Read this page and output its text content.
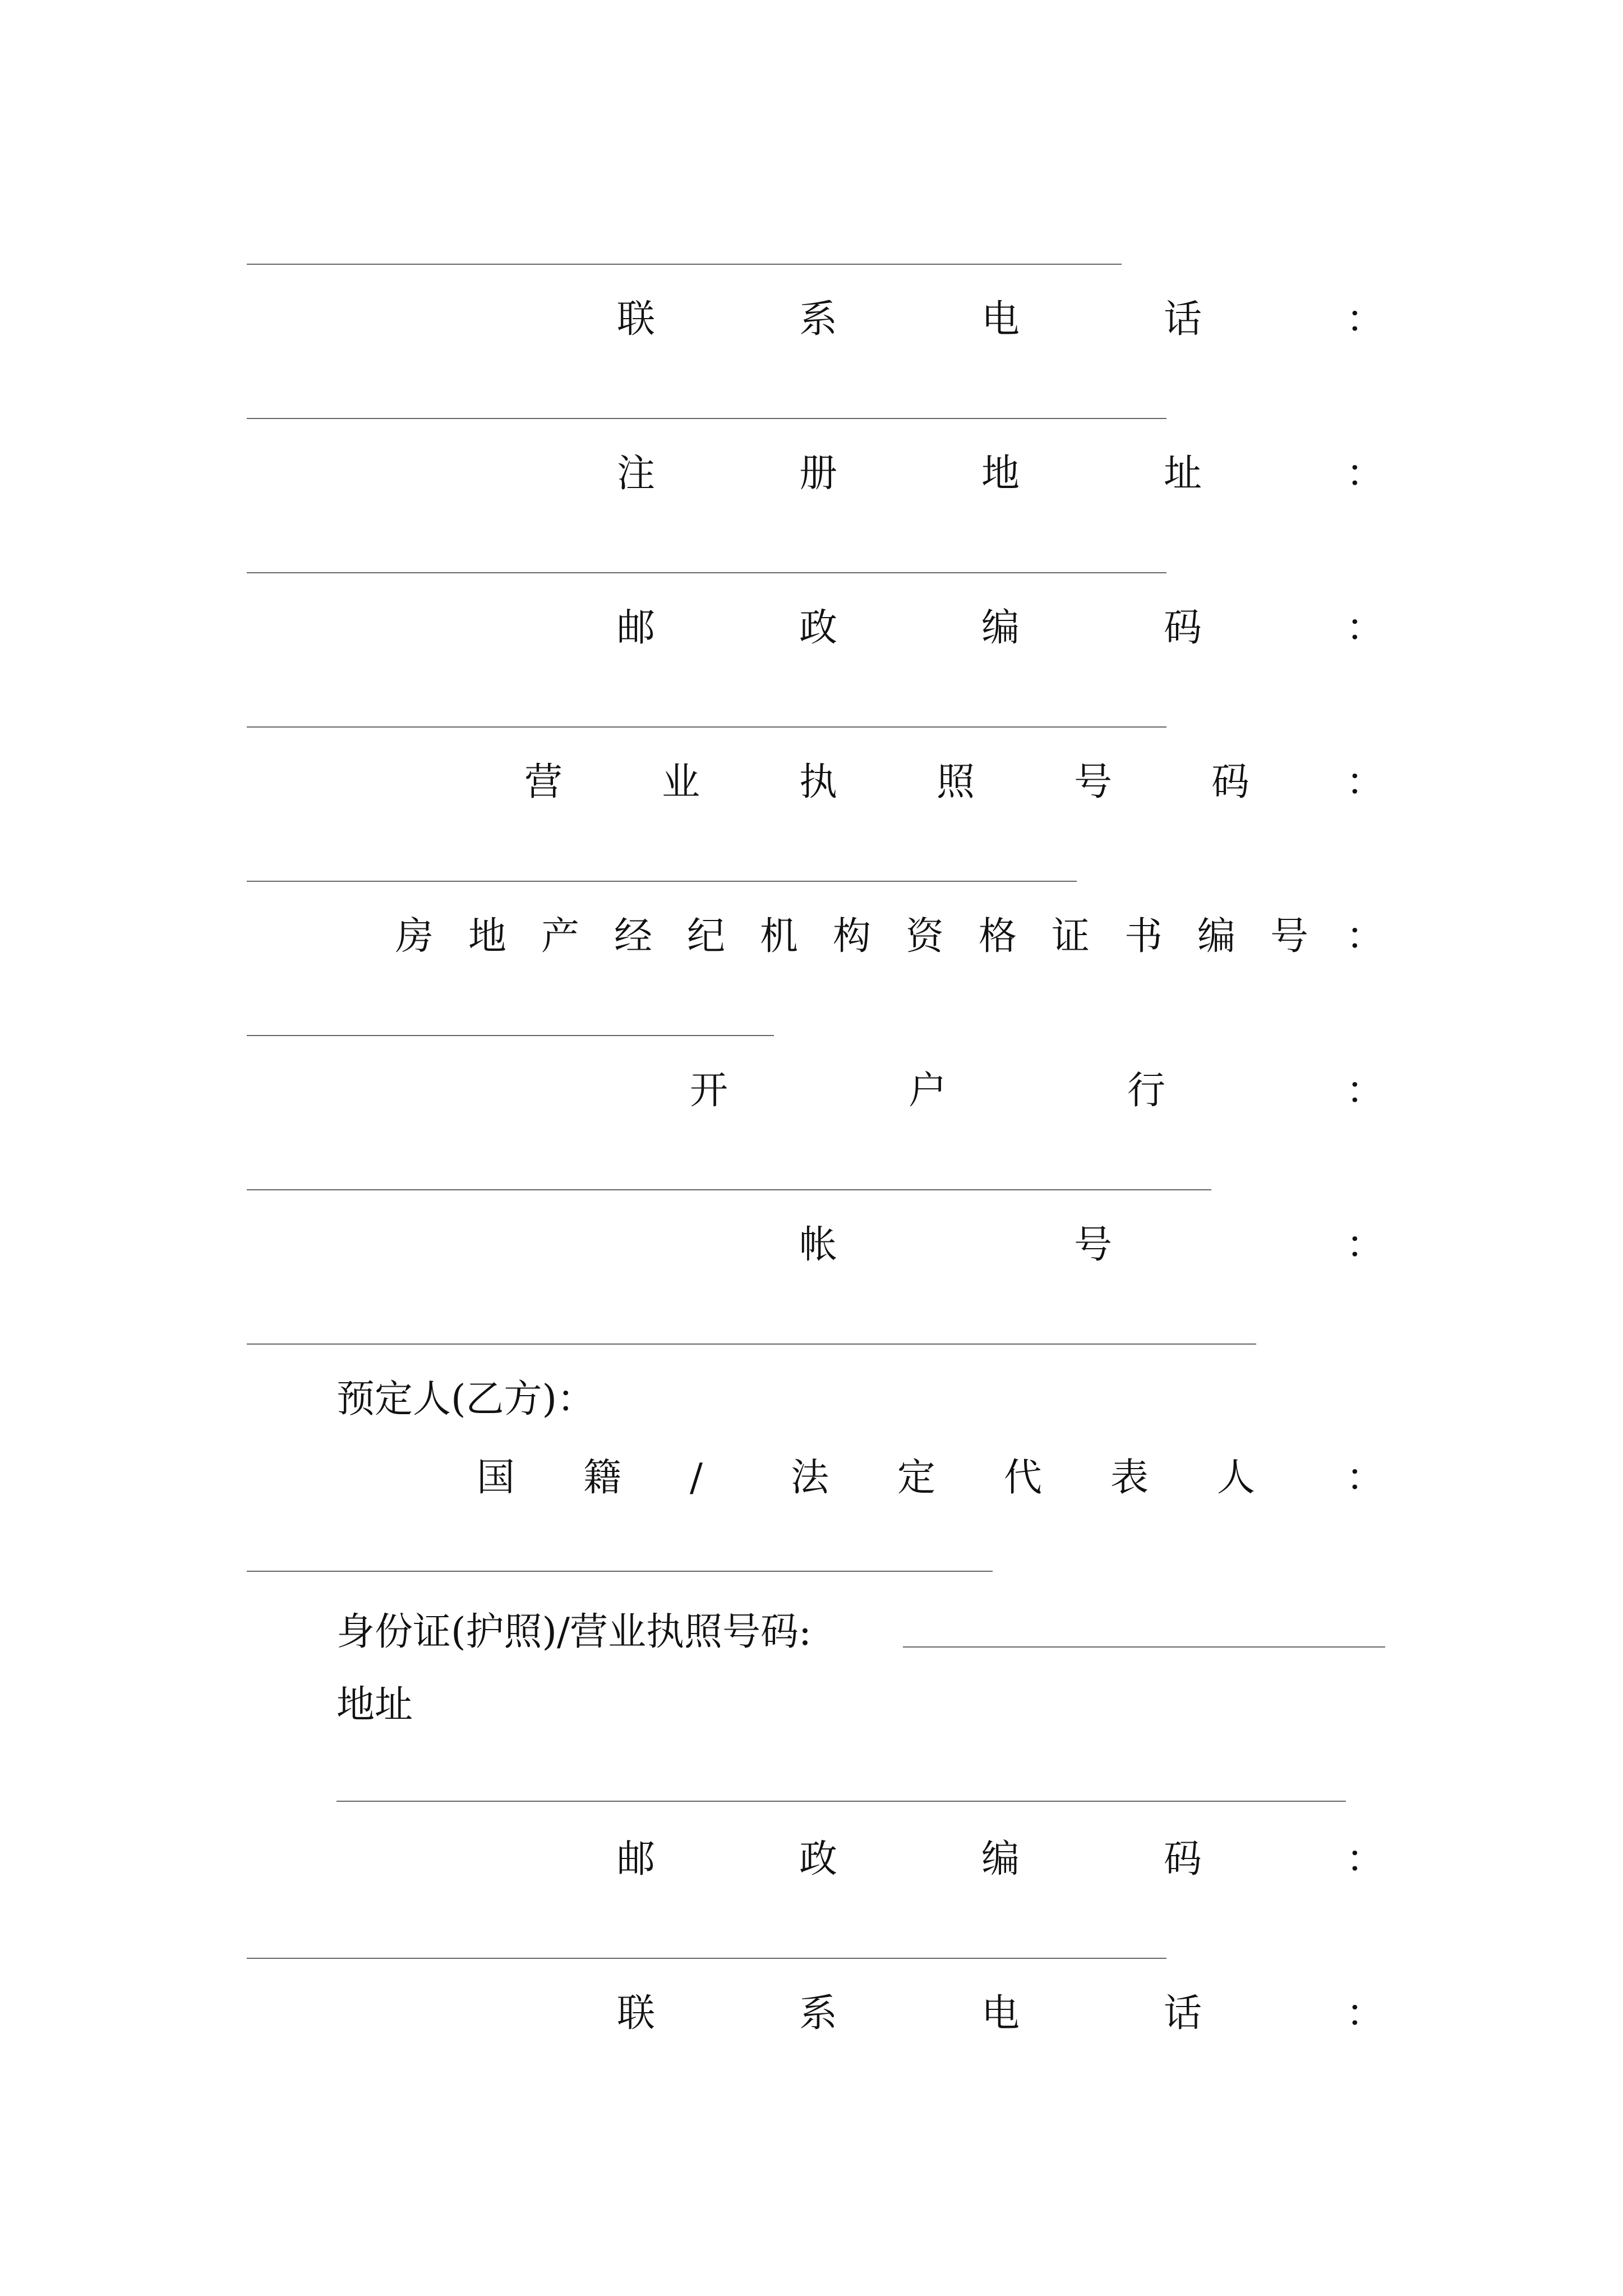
联	系	电	话	：
注	册	地	址	：
邮	政	编	码	：
营	业	执	照	号	码	：
房 地 产 经 纪 机 构 资 格 证 书 编 号 ：
开	户	行	：
帐	号	：
预定人(乙方)：
国 籍 / 法 定 代 表 人 ：
身份证(护照)/营业执照号码:
地址
邮	政	编	码	：
联	系	电	话	：
